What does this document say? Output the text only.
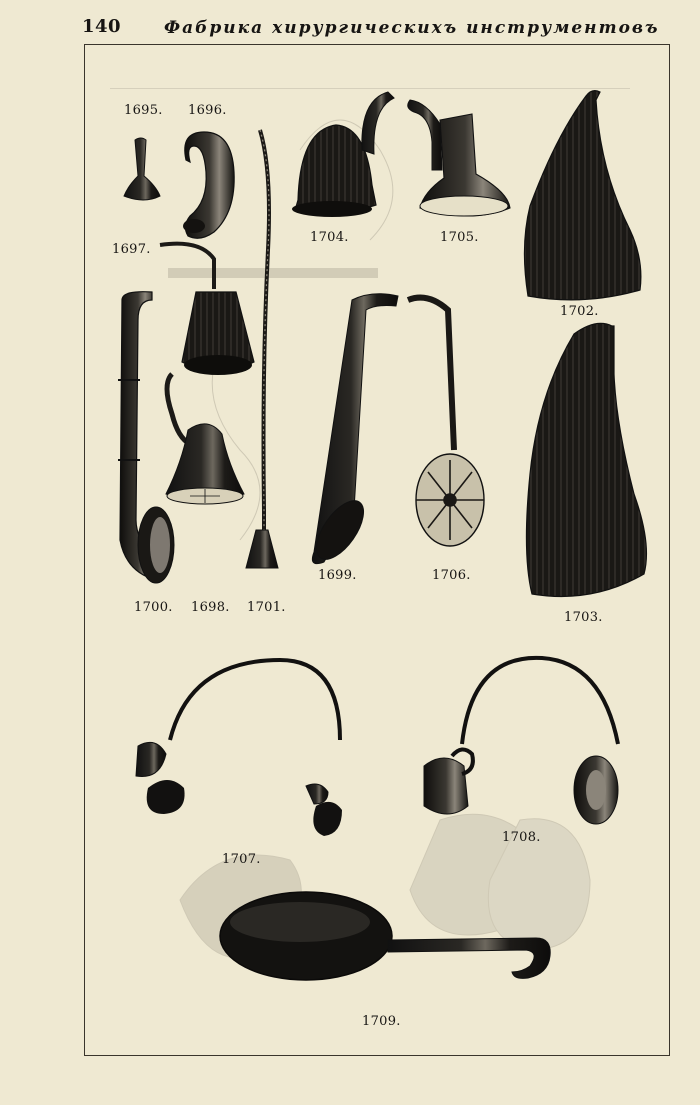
140	Фабрика хирургическихъ инструментовъ
1695. 1696.
1697.
1704.	1705.
1702.
1699.	1706.
1700. 1698. 1701.
1703.
1707.
1708.
1709.
